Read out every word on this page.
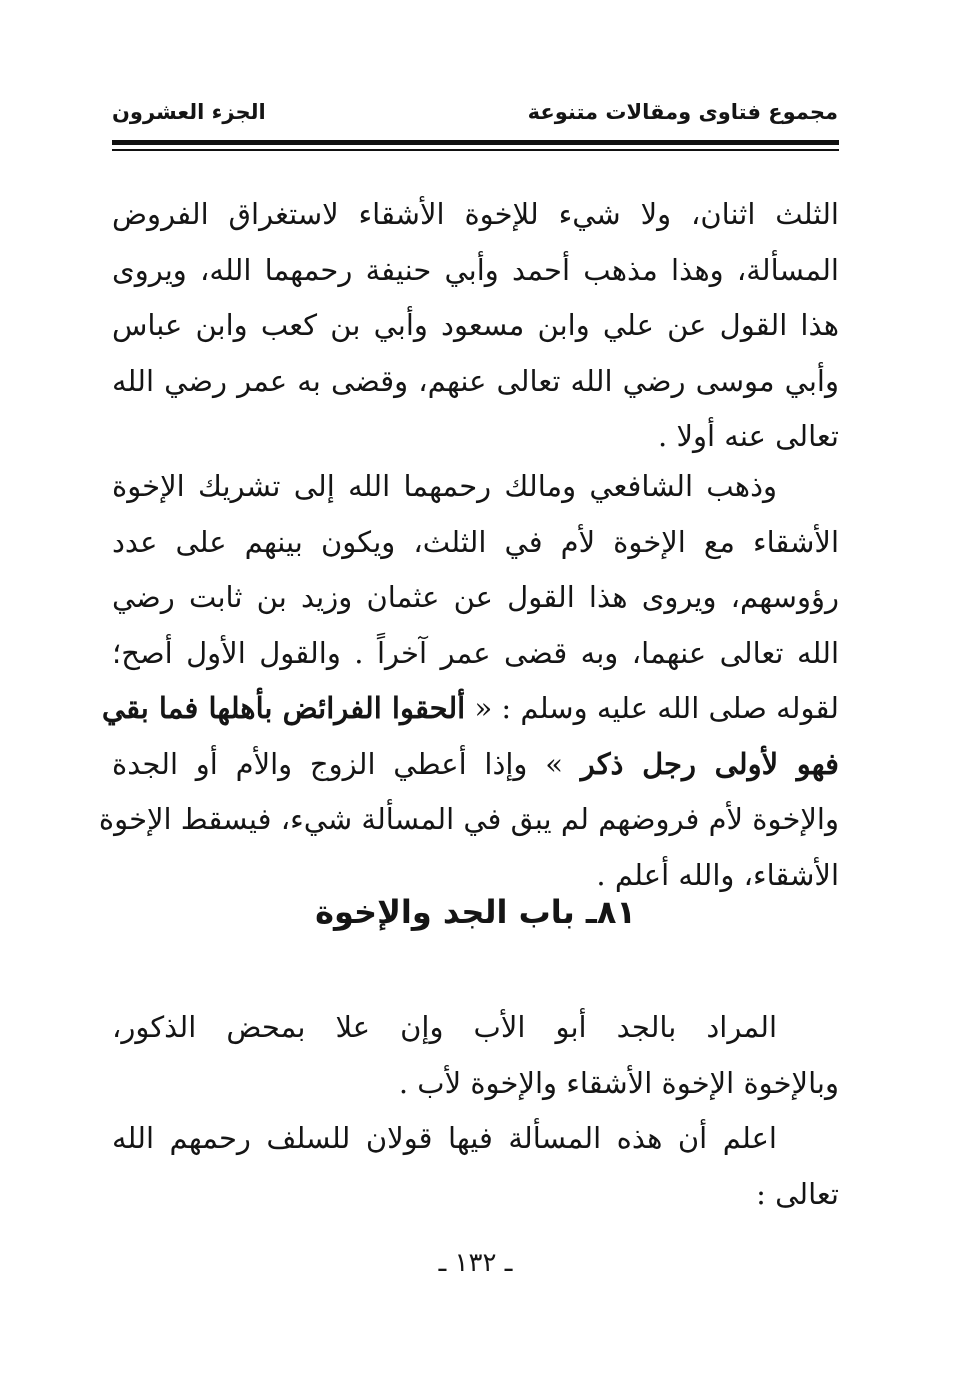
مجموع فتاوى ومقالات متنوعة
الجزء العشرون
الثلث اثنان، ولا شيء للإخوة الأشقاء لاستغراق الفروض
المسألة، وهذا مذهب أحمد وأبي حنيفة رحمهما الله، ويروى
هذا القول عن علي وابن مسعود وأبي بن كعب وابن عباس
وأبي موسى رضي الله تعالى عنهم، وقضى به عمر رضي الله
تعالى عنه أولا .
وذهب الشافعي ومالك رحمهما الله إلى تشريك الإخوة
الأشقاء مع الإخوة لأم في الثلث، ويكون بينهم على عدد
رؤوسهم، ويروى هذا القول عن عثمان وزيد بن ثابت رضي
الله تعالى عنهما، وبه قضى عمر آخراً . والقول الأول أصح؛
لقوله صلى الله عليه وسلم : « ألحقوا الفرائض بأهلها فما بقي
فهو لأولى رجل ذكر » وإذا أعطي الزوج والأم أو الجدة
والإخوة لأم فروضهم لم يبق في المسألة شيء، فيسقط الإخوة
الأشقاء، والله أعلم .
٨١ـ باب الجد والإخوة
المراد بالجد أبو الأب وإن علا بمحض الذكور،
وبالإخوة الإخوة الأشقاء والإخوة لأب .
اعلم أن هذه المسألة فيها قولان للسلف رحمهم الله
تعالى :
ـ ١٣٢ ـ
